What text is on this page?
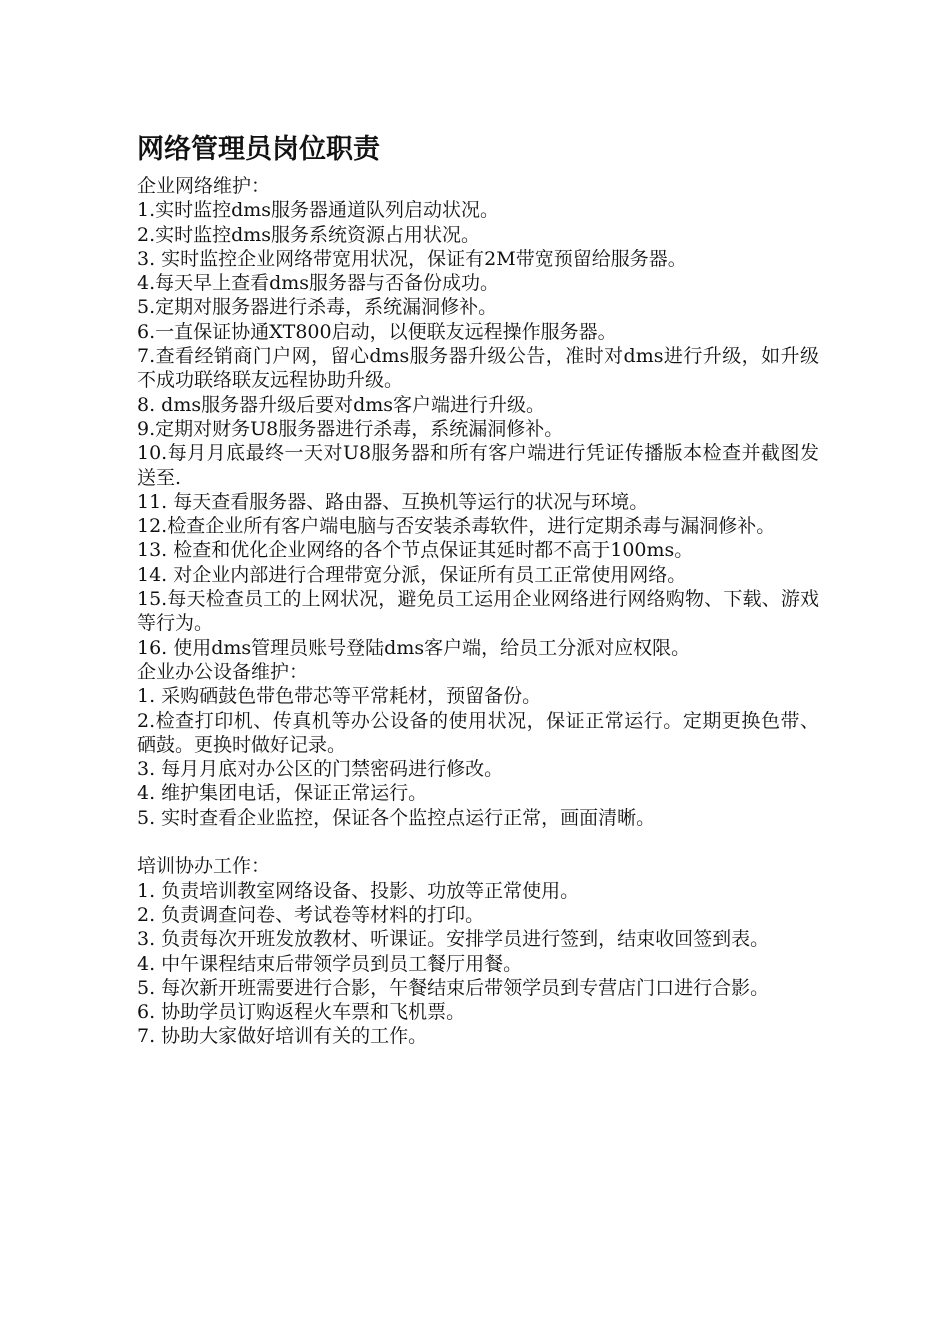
网络管理员岗位职责

企业网络维护：

1.实时监控dms服务器通道队列启动状况。

2.实时监控dms服务系统资源占用状况。

3. 实时监控企业网络带宽用状况，保证有2M带宽预留给服务器。

4.每天早上查看dms服务器与否备份成功。

5.定期对服务器进行杀毒，系统漏洞修补。

6.一直保证协通XT800启动，以便联友远程操作服务器。

7.查看经销商门户网，留心dms服务器升级公告，准时对dms进行升级，如升级不成功联络联友远程协助升级。

8. dms服务器升级后要对dms客户端进行升级。

9.定期对财务U8服务器进行杀毒，系统漏洞修补。

10.每月月底最终一天对U8服务器和所有客户端进行凭证传播版本检查并截图发送至.

11. 每天查看服务器、路由器、互换机等运行的状况与环境。

12.检查企业所有客户端电脑与否安装杀毒软件，进行定期杀毒与漏洞修补。

13. 检查和优化企业网络的各个节点保证其延时都不高于100ms。

14. 对企业内部进行合理带宽分派，保证所有员工正常使用网络。

15.每天检查员工的上网状况，避免员工运用企业网络进行网络购物、下载、游戏等行为。

16. 使用dms管理员账号登陆dms客户端，给员工分派对应权限。

企业办公设备维护：

1. 采购硒鼓色带色带芯等平常耗材，预留备份。

2.检查打印机、传真机等办公设备的使用状况，保证正常运行。定期更换色带、硒鼓。更换时做好记录。

3. 每月月底对办公区的门禁密码进行修改。

4. 维护集团电话，保证正常运行。

5. 实时查看企业监控，保证各个监控点运行正常，画面清晰。

培训协办工作：

1. 负责培训教室网络设备、投影、功放等正常使用。

2. 负责调查问卷、考试卷等材料的打印。

3. 负责每次开班发放教材、听课证。安排学员进行签到，结束收回签到表。

4. 中午课程结束后带领学员到员工餐厅用餐。

5. 每次新开班需要进行合影，午餐结束后带领学员到专营店门口进行合影。

6. 协助学员订购返程火车票和飞机票。

7. 协助大家做好培训有关的工作。
